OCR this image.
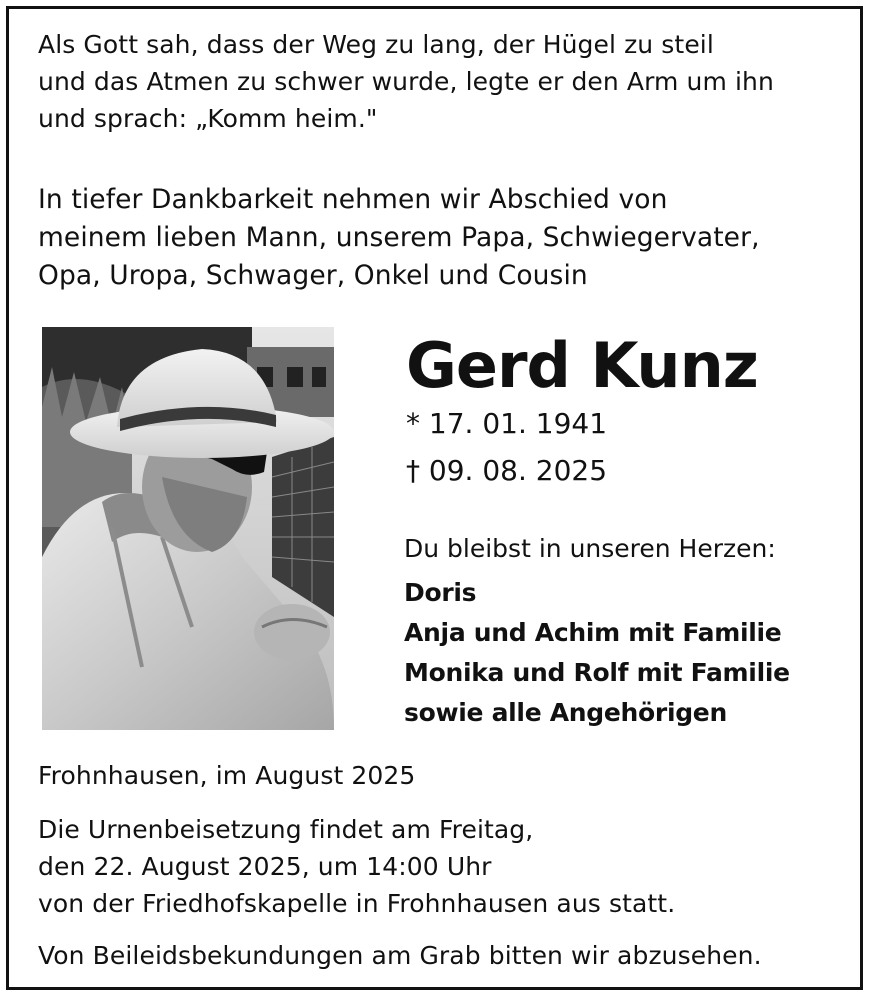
Als Gott sah, dass der Weg zu lang, der Hügel zu steil
und das Atmen zu schwer wurde, legte er den Arm um ihn
und sprach: „Komm heim."
In tiefer Dankbarkeit nehmen wir Abschied von
meinem lieben Mann, unserem Papa, Schwiegervater,
Opa, Uropa, Schwager, Onkel und Cousin
Gerd Kunz
* 17. 01. 1941
† 09. 08. 2025
Du bleibst in unseren Herzen:
Doris
Anja und Achim mit Familie
Monika und Rolf mit Familie
sowie alle Angehörigen
Frohnhausen, im August 2025
Die Urnenbeisetzung findet am Freitag,
den 22. August 2025, um 14:00 Uhr
von der Friedhofskapelle in Frohnhausen aus statt.
Von Beileidsbekundungen am Grab bitten wir abzusehen.
